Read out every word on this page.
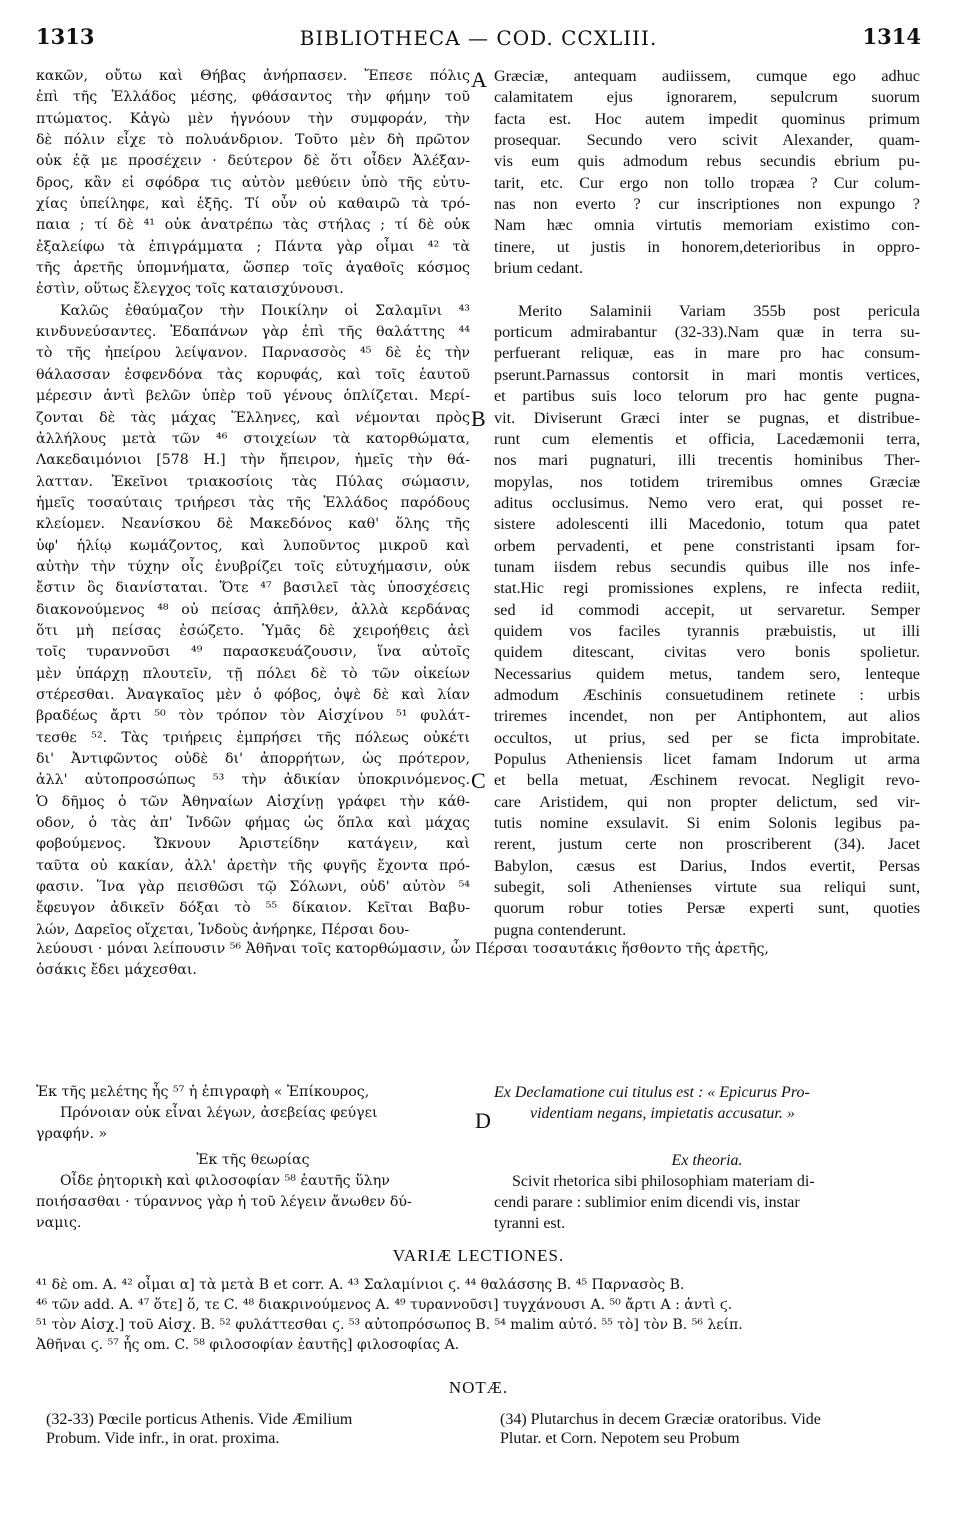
1313	BIBLIOTHECA — COD. CCXLIII.	1314
κακῶν, οὔτω καὶ Θήβας ἀνήρπασεν. Ἔπεσε πόλις
ἐπὶ τῆς Ἑλλάδος μέσης, φθάσαντος τὴν φήμην τοῦ
πτώματος. Κἀγὼ μὲν ἠγνόουν τὴν συμφοράν, τὴν
δὲ πόλιν εἶχε τὸ πολυάνδριον. Τοῦτο μὲν δὴ πρῶτον
οὐκ ἐᾷ με προσέχειν · δεύτερον δὲ ὅτι οἶδεν Ἀλέξαν-
δρος, κἂν εἰ σφόδρα τις αὐτὸν μεθύειν ὑπὸ τῆς εὐτυ-
χίας ὑπείληφε, καὶ ἑξῆς. Τί οὖν οὐ καθαιρῶ τὰ τρό-
παια ; τί δὲ ⁴¹ οὐκ ἀνατρέπω τὰς στήλας ; τί δὲ οὐκ
ἐξαλείφω τὰ ἐπιγράμματα ; Πάντα γὰρ οἶμαι ⁴² τὰ
τῆς ἀρετῆς ὑπομνήματα, ὥσπερ τοῖς ἀγαθοῖς κόσμος
ἐστὶν, οὕτως ἔλεγχος τοῖς καταισχύνουσι.
Καλῶς ἐθαύμαζον τὴν Ποικίλην οἱ Σαλαμῖνι ⁴³
κινδυνεύσαντες. Ἐδαπάνων γὰρ ἐπὶ τῆς θαλάττης ⁴⁴
τὸ τῆς ἠπείρου λείψανον. Παρνασσὸς ⁴⁵ δὲ ἐς τὴν
θάλασσαν ἐσφενδόνα τὰς κορυφάς, καὶ τοῖς ἑαυτοῦ
μέρεσιν ἀντὶ βελῶν ὑπὲρ τοῦ γένους ὁπλίζεται. Μερί-
ζονται δὲ τὰς μάχας Ἕλληνες, καὶ νέμονται πρὸς
ἀλλήλους μετὰ τῶν ⁴⁶ στοιχείων τὰ κατορθώματα,
Λακεδαιμόνιοι [578 H.] τὴν ἤπειρον, ἡμεῖς τὴν θά-
λατταν. Ἐκεῖνοι τριακοσίοις τὰς Πύλας σώμασιν,
ἡμεῖς τοσαύταις τριήρεσι τὰς τῆς Ἑλλάδος παρόδους
κλείομεν. Νεανίσκου δὲ Μακεδόνος καθ' ὅλης τῆς
ὑφ' ἡλίῳ κωμάζοντος, καὶ λυποῦντος μικροῦ καὶ
αὐτὴν τὴν τύχην οἷς ἐνυβρίζει τοῖς εὐτυχήμασιν, οὐκ
ἔστιν ὃς διανίσταται. Ὅτε ⁴⁷ βασιλεῖ τὰς ὑποσχέσεις
διακονούμενος ⁴⁸ οὐ πείσας ἀπῆλθεν, ἀλλὰ κερδάνας
ὅτι μὴ πείσας ἐσώζετο. Ὑμᾶς δὲ χειροήθεις ἀεὶ
τοῖς τυραννοῦσι ⁴⁹ παρασκευάζουσιν, ἵνα αὐτοῖς
μὲν ὑπάρχῃ πλουτεῖν, τῇ πόλει δὲ τὸ τῶν οἰκείων
στέρεσθαι. Ἀναγκαῖος μὲν ὁ φόβος, ὀψὲ δὲ καὶ λίαν
βραδέως ἄρτι ⁵⁰ τὸν τρόπον τὸν Αἰσχίνου ⁵¹ φυλάτ-
τεσθε ⁵². Τὰς τριήρεις ἐμπρήσει τῆς πόλεως οὐκέτι
δι' Ἀντιφῶντος οὐδὲ δι' ἀπορρήτων, ὡς πρότερον,
ἀλλ' αὐτοπροσώπως ⁵³ τὴν ἀδικίαν ὑποκρινόμενος.
Ὁ δῆμος ὁ τῶν Ἀθηναίων Αἰσχίνῃ γράφει τὴν κάθ-
οδον, ὁ τὰς ἀπ' Ἰνδῶν φήμας ὡς ὅπλα καὶ μάχας
φοβούμενος. Ὤκνουν Ἀριστείδην κατάγειν, καὶ
ταῦτα οὐ κακίαν, ἀλλ' ἀρετὴν τῆς φυγῆς ἔχοντα πρό-
φασιν. Ἵνα γὰρ πεισθῶσι τῷ Σόλωνι, οὐδ' αὐτὸν ⁵⁴
ἔφευγον ἀδικεῖν δόξαι τὸ ⁵⁵ δίκαιον. Κεῖται Βαβυ-
λών, Δαρεῖος οἴχεται, Ἰνδοὺς ἀνήρηκε, Πέρσαι δου-
Græciæ, antequam audiissem, cumque ego adhuc
calamitatem ejus ignorarem, sepulcrum suorum
facta est. Hoc autem impedit quominus primum
prosequar. Secundo vero scivit Alexander, quam-
vis eum quis admodum rebus secundis ebrium pu-
tarit, etc. Cur ergo non tollo tropæa ? Cur colum-
nas non everto ? cur inscriptiones non expungo ?
Nam hæc omnia virtutis memoriam existimo con-
tinere, ut justis in honorem,deterioribus in oppro-
brium cedant.
Merito Salaminii Variam 355b post pericula
porticum admirabantur (32-33).Nam quæ in terra su-
perfuerant reliquæ, eas in mare pro hac consum-
pserunt.Parnassus contorsit in mari montis vertices,
et partibus suis loco telorum pro hac gente pugna-
vit. Diviserunt Græci inter se pugnas, et distribue-
runt cum elementis et officia, Lacedæmonii terra,
nos mari pugnaturi, illi trecentis hominibus Ther-
mopylas, nos totidem triremibus omnes Græciæ
aditus occlusimus. Nemo vero erat, qui posset re-
sistere adolescenti illi Macedonio, totum qua patet
orbem pervadenti, et pene constristanti ipsam for-
tunam iisdem rebus secundis quibus ille nos infe-
stat.Hic regi promissiones explens, re infecta rediit,
sed id commodi accepit, ut servaretur. Semper
quidem vos faciles tyrannis præbuistis, ut illi
quidem ditescant, civitas vero bonis spolietur.
Necessarius quidem metus, tandem sero, lenteque
admodum Æschinis consuetudinem retinete : urbis
triremes incendet, non per Antiphontem, aut alios
occultos, ut prius, sed per se ficta improbitate.
Populus Atheniensis licet famam Indorum ut arma
et bella metuat, Æschinem revocat. Negligit revo-
care Aristidem, qui non propter delictum, sed vir-
tutis nomine exsulavit. Si enim Solonis legibus pa-
rerent, justum certe non proscriberent (34). Jacet
Babylon, cæsus est Darius, Indos evertit, Persas
subegit, soli Athenienses virtute sua reliqui sunt,
quorum robur toties Persæ experti sunt, quoties
pugna contenderunt.
A
B
C
D
λεύουσι · μόναι λείπουσιν ⁵⁶ Ἀθῆναι τοῖς κατορθώμασιν, ὧν Πέρσαι τοσαυτάκις ἥσθοντο τῆς ἀρετῆς,
ὁσάκις ἔδει μάχεσθαι.
Ἐκ τῆς μελέτης ἧς ⁵⁷ ἡ ἐπιγραφὴ « Ἐπίκουρος,
Πρόνοιαν οὐκ εἶναι λέγων, ἀσεβείας φεύγει
γραφήν. »
Ἐκ τῆς θεωρίας
Οἶδε ῥητορικὴ καὶ φιλοσοφίαν ⁵⁸ ἑαυτῆς ὕλην
ποιήσασθαι · τύραννος γὰρ ἡ τοῦ λέγειν ἄνωθεν δύ-
ναμις.
Ex Declamatione cui titulus est : « Epicurus Pro-
videntiam negans, impietatis accusatur. »
Ex theoria.
Scivit rhetorica sibi philosophiam materiam di-
cendi parare : sublimior enim dicendi vis, instar
tyranni est.
VARIÆ LECTIONES.
⁴¹ δὲ om. A. ⁴² οἶμαι α] τὰ μετὰ B et corr. A. ⁴³ Σαλαμίνιοι ϛ. ⁴⁴ θαλάσσης B. ⁴⁵ Παρνασὸς B.
⁴⁶ τῶν add. A. ⁴⁷ ὅτε] ὅ, τε C. ⁴⁸ διακρινούμενος A. ⁴⁹ τυραννοῦσι] τυγχάνουσι A. ⁵⁰ ἄρτι A : ἀντὶ ϛ.
⁵¹ τὸν Αἰσχ.] τοῦ Αἰσχ. B. ⁵² φυλάττεσθαι ϛ. ⁵³ αὐτοπρόσωπος B. ⁵⁴ malim αὐτό. ⁵⁵ τὸ] τὸν B. ⁵⁶ λείπ.
Ἀθῆναι ϛ. ⁵⁷ ἧς om. C. ⁵⁸ φιλοσοφίαν ἑαυτῆς] φιλοσοφίας A.
NOTÆ.
(32-33) Pœcile porticus Athenis. Vide Æmilium
Probum. Vide infr., in orat. proxima.
(34) Plutarchus in decem Græciæ oratoribus. Vide
Plutar. et Corn. Nepotem seu Probum
